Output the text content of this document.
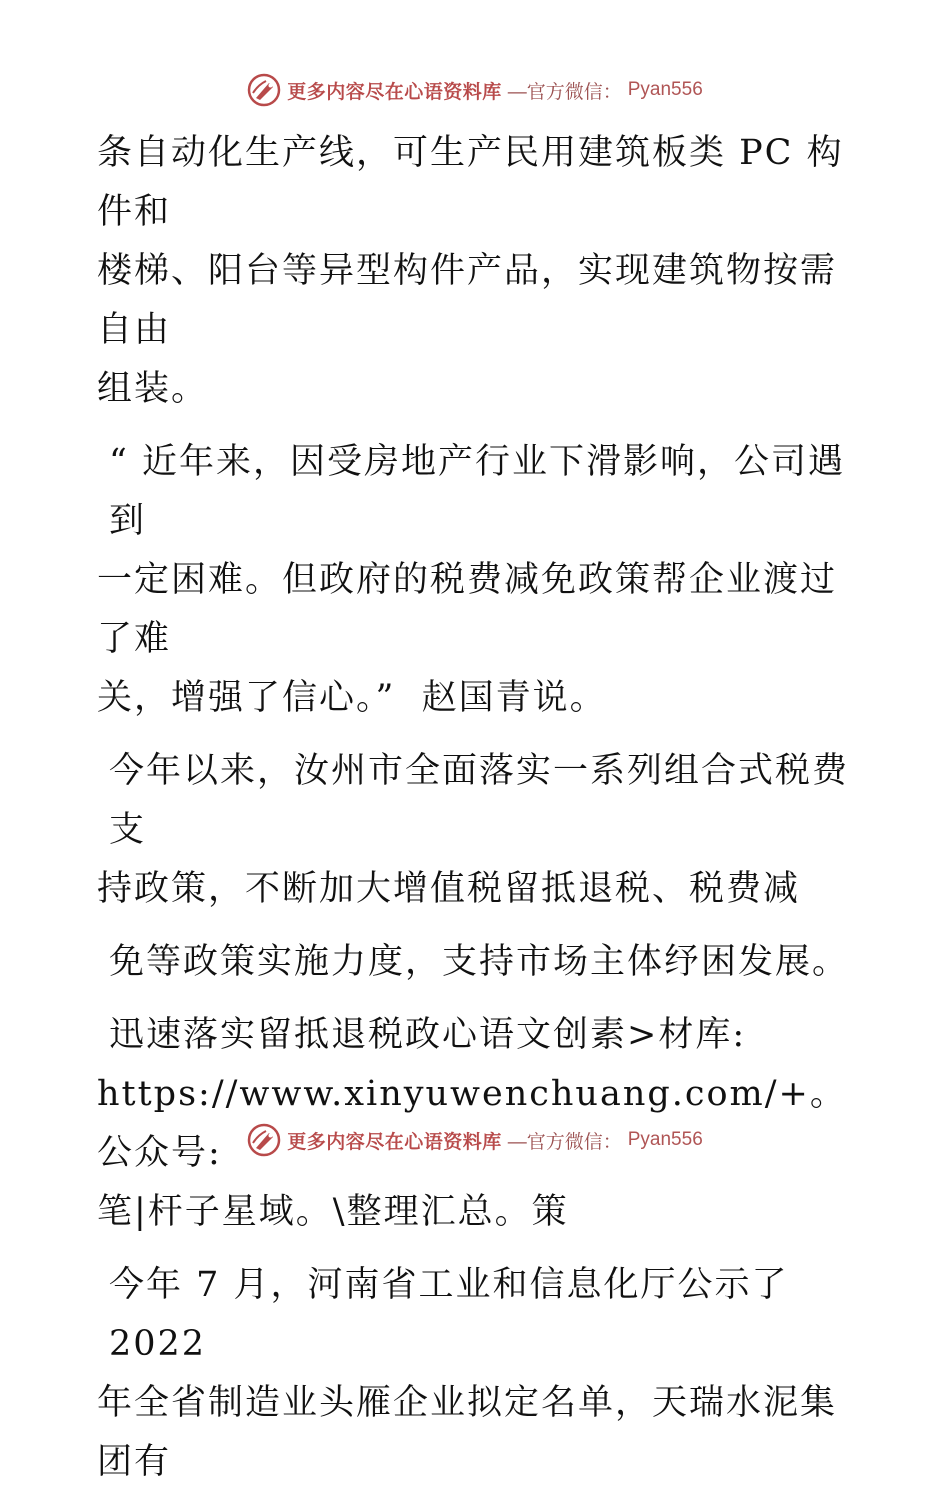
更多内容尽在心语资料库 —官方微信： Pyan556

条自动化生产线，可生产民用建筑板类 PC 构件和

楼梯、阳台等异型构件产品，实现建筑物按需自由

组装。

“ 近年来，因受房地产行业下滑影响，公司遇到

一定困难。但政府的税费减免政策帮企业渡过了难

关，增强了信心。”  赵国青说。

今年以来，汝州市全面落实一系列组合式税费支

持政策，不断加大增值税留抵退税、税费减

免等政策实施力度，支持市场主体纾困发展。

迅速落实留抵退税政心语文创素>材库:

https://www.xinyuwenchuang.com/+。公众号:

笔|杆子星域。\整理汇总。策

今年 7 月，河南省工业和信息化厅公示了 2022

年全省制造业头雁企业拟定名单，天瑞水泥集团有

更多内容尽在心语资料库 —官方微信： Pyan556
